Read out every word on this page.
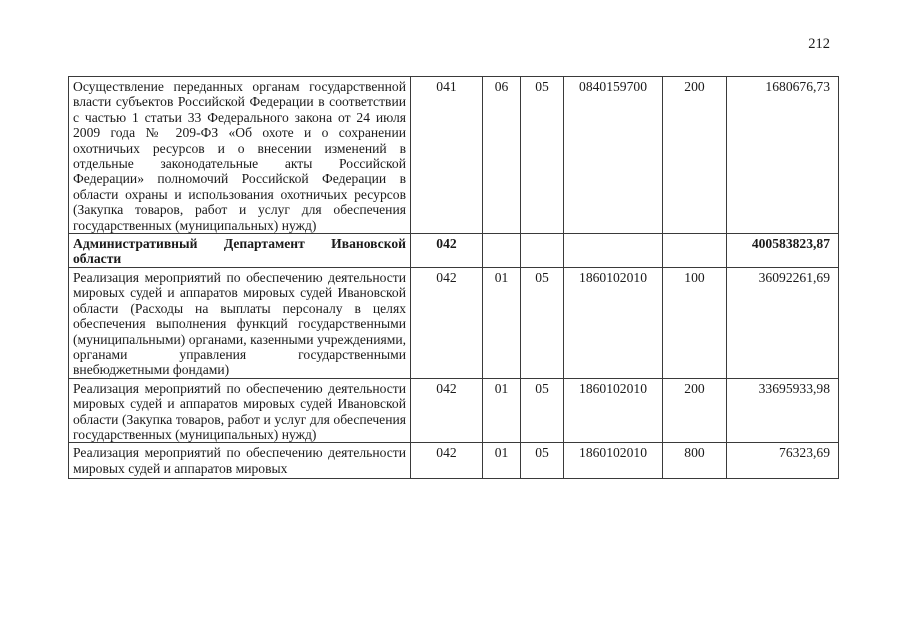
212
Осуществление переданных органам государственной власти субъектов Российской Федерации в соответствии с частью 1 статьи 33 Федерального закона от 24 июля 2009 года № 209-ФЗ «Об охоте и о сохранении охотничьих ресурсов и о внесении изменений в отдельные законодательные акты Российской Федерации» полномочий Российской Федерации в области охраны и использования охотничьих ресурсов (Закупка товаров, работ и услуг для обеспечения государственных (муниципальных) нужд)	041	06	05	0840159700	200	1680676,73
Административный Департамент Ивановской области	042					400583823,87
Реализация мероприятий по обеспечению деятельности мировых судей и аппаратов мировых судей Ивановской области (Расходы на выплаты персоналу в целях обеспечения выполнения функций государственными (муниципальными) органами, казенными учреждениями, органами управления государственными внебюджетными фондами)	042	01	05	1860102010	100	36092261,69
Реализация мероприятий по обеспечению деятельности мировых судей и аппаратов мировых судей Ивановской области (Закупка товаров, работ и услуг для обеспечения государственных (муниципальных) нужд)	042	01	05	1860102010	200	33695933,98

Реализация мероприятий по обеспечению деятельности мировых судей и аппаратов мировых	042	01	05	1860102010	800	76323,69
